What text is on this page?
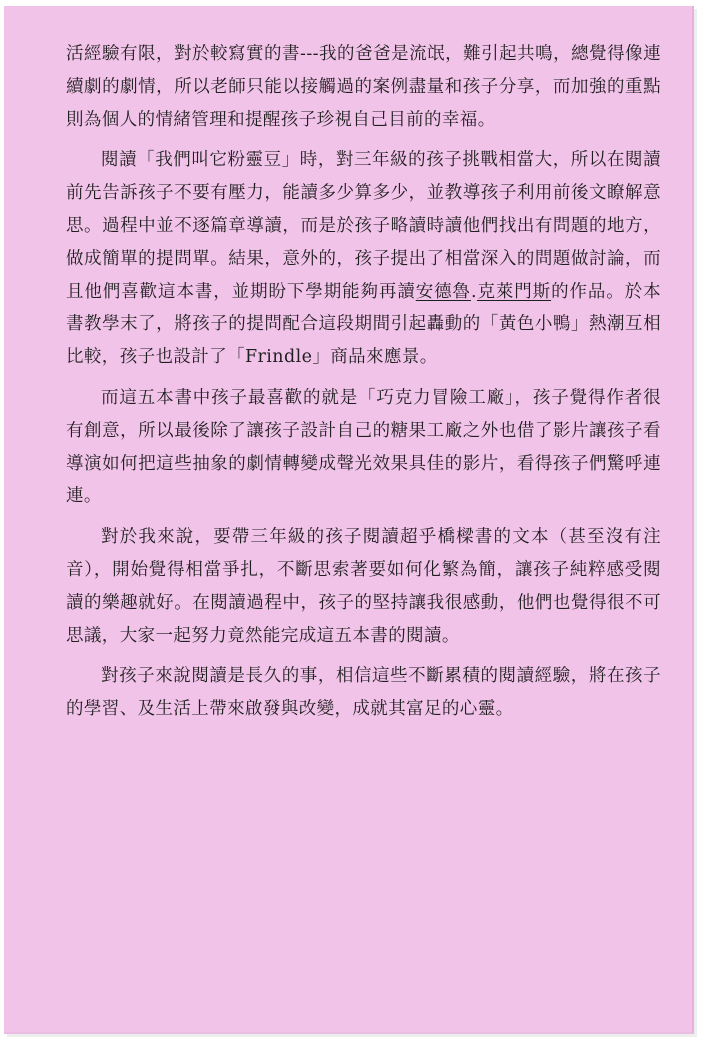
活經驗有限，對於較寫實的書---我的爸爸是流氓，難引起共鳴，總覺得像連續劇的劇情，所以老師只能以接觸過的案例盡量和孩子分享，而加強的重點則為個人的情緒管理和提醒孩子珍視自己目前的幸福。

閱讀「我們叫它粉靈豆」時，對三年級的孩子挑戰相當大，所以在閱讀前先告訴孩子不要有壓力，能讀多少算多少，並教導孩子利用前後文瞭解意思。過程中並不逐篇章導讀，而是於孩子略讀時讀他們找出有問題的地方，做成簡單的提問單。結果，意外的，孩子提出了相當深入的問題做討論，而且他們喜歡這本書，並期盼下學期能夠再讀安德魯.克萊門斯的作品。於本書教學末了，將孩子的提問配合這段期間引起轟動的「黃色小鴨」熱潮互相比較，孩子也設計了「Frindle」商品來應景。

而這五本書中孩子最喜歡的就是「巧克力冒險工廠」，孩子覺得作者很有創意，所以最後除了讓孩子設計自己的糖果工廠之外也借了影片讓孩子看導演如何把這些抽象的劇情轉變成聲光效果具佳的影片，看得孩子們驚呼連連。

對於我來說，要帶三年級的孩子閱讀超乎橋樑書的文本（甚至沒有注音），開始覺得相當爭扎，不斷思索著要如何化繁為簡，讓孩子純粹感受閱讀的樂趣就好。在閱讀過程中，孩子的堅持讓我很感動，他們也覺得很不可思議，大家一起努力竟然能完成這五本書的閱讀。

對孩子來說閱讀是長久的事，相信這些不斷累積的閱讀經驗，將在孩子的學習、及生活上帶來啟發與改變，成就其富足的心靈。
